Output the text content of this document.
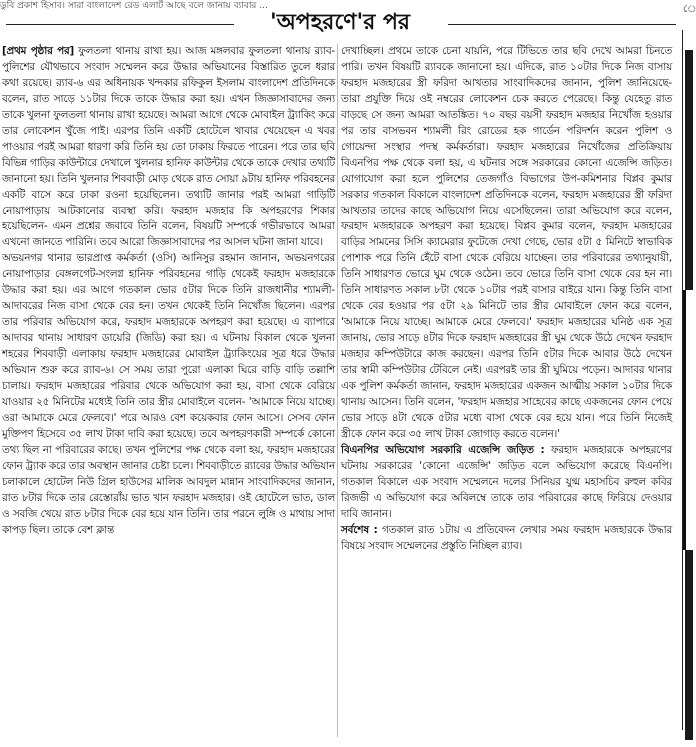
ডুবি প্রকাশ হিসাব। সারা বাংলাদেশ রেড এলার্ট আছে বলে জানায় ব্যাবার ...	ে
'অপহরণে'র পর

[প্রথম পৃষ্ঠার পর] ফুলতলা থানায় রাখা হয়। আজ মঙ্গলবার ফুলতলা থানায় র‌্যাব-পুলিশের যৌথভাবে সংবাদ সম্মেলন করে উদ্ধার অভিযানের বিস্তারিত তুলে ধরার কথা রয়েছে। র‌্যাব-৬ এর অধিনায়ক খন্দকার রফিকুল ইসলাম বাংলাদেশ প্রতিদিনকে বলেন, রাত সাড়ে ১১টার দিকে তাকে উদ্ধার করা হয়। এখন জিজ্ঞাসাবাদের জন্য তাকে খুলনা ফুলতলা থানায় রাখা হয়েছে। আমরা আগে থেকে মোবাইল ট্র্যাকিং করে তার লোকেশন খুঁজে পাই। এরপর তিনি একটি হোটেলে খাবার খেয়েছেন এ খবর পাওয়ার পরই আমরা ধারণা করি তিনি হয় তো ঢাকায় ফিরতে পারেন। পরে তার ছবি বিভিন্ন গাড়ির কাউন্টারে দেখালে খুলনার হানিফ কাউন্টার থেকে তাকে দেখার তথ্যটি জানানো হয়। তিনি খুলনার শিববাড়ী মোড় থেকে রাত সোয়া ৯টায় হানিফ পরিবহনের একটি বাসে করে ঢাকা রওনা হয়েছিলেন। তথ্যটি জানার পরই আমরা গাড়িটি নোয়াপাড়ায় আটকানোর ব্যবস্থা করি। ফরহাদ মজহার কি অপহরণের শিকার হয়েছিলেন- এমন প্রশ্নের জবাবে তিনি বলেন, বিষয়টি সম্পর্কে গভীরভাবে আমরা এখনো জানতে পারিনি। তবে আরো জিজ্ঞাসাবাদের পর আসল ঘটনা জানা যাবে।

অভয়নগর থানার ভারপ্রাপ্ত কর্মকর্তা (ওসি) আনিসুর রহমান জানান, অভয়নগরের নোয়াপাড়ার বেঙ্গলগেট-সংলগ্ন হানিফ পরিবহনের গাড়ি থেকেই ফরহাদ মজহারকে উদ্ধার করা হয়। এর আগে গতকাল ভোর ৫টার দিকে তিনি রাজধানীর শ্যামলী-আদাবরের নিজ বাসা থেকে বের হন। তখন থেকেই তিনি নিখোঁজ ছিলেন। এরপর তার পরিবার অভিযোগ করে, ফরহাদ মজহারকে অপহরণ করা হয়েছে। এ ব্যাপারে আদাবর থানায় সাধারণ ডায়েরি (জিডি) করা হয়। এ ঘটনায় বিকাল থেকে খুলনা শহরের শিববাড়ী এলাকায় ফরহাদ মজহারের মোবাইল ট্র্যাকিংয়ের সূত্র ধরে উদ্ধার অভিযান শুরু করে র‌্যাব-৬। সে সময় তারা পুরো এলাকা ঘিরে বাড়ি বাড়ি তল্লাশি চালায়। ফরহাদ মজহারের পরিবার থেকে অভিযোগ করা হয়, বাসা থেকে বেরিয়ে যাওয়ার ২৫ মিনিটের মধ্যেই তিনি তার স্ত্রীর মোবাইলে বলেন- 'আমাকে নিয়ে যাচ্ছে। ওরা আমাকে মেরে ফেলবে।' পরে আরও বেশ কয়েকবার ফোন আসে। সেসব ফোন মুক্তিপণ হিসেবে ৩৫ লাখ টাকা দাবি করা হয়েছে। তবে অপহরণকারী সম্পর্কে কোনো তথ্য ছিল না পরিবারের কাছে। তখন পুলিশের পক্ষ থেকে বলা হয়, ফরহাদ মজহারের ফোন ট্র্যাক করে তার অবস্থান জানার চেষ্টা চলে। শিববাড়ীতে র‌্যাবের উদ্ধার অভিযান চলাকালে হোটেল নিউ গ্রিল হাউসের মালিক আবদুল মান্নান সাংবাদিকদের জানান, রাত ৮টার দিকে তার রেস্তোরাঁয় ভাত খান ফরহাদ মজহার। ওই হোটেলে ভাত, ডাল ও সবজি খেয়ে রাত ৮টার দিকে বের হয়ে যান তিনি। তার পরনে লুঙ্গি ও মাথায় সাদা কাপড় ছিল। তাকে বেশ ক্লান্ত

দেখাচ্ছিল। প্রথমে তাকে চেনা যায়নি, পরে টিভিতে তার ছবি দেখে আমরা চিনতে পারি। তখন বিষয়টি র‌্যাবকে জানানো হয়। এদিকে, রাত ১০টার দিকে নিজ বাসায় ফরহাদ মজহারের স্ত্রী ফরিদা আখতার সাংবাদিকদের জানান, পুলিশ জানিয়েছে- তারা প্রযুক্তি দিয়ে ওই নম্বরের লোকেশন চেক করতে পেরেছে। কিন্তু যেহেতু রাত বাড়ছে সে জন্য আমরা আতঙ্কিত। ৭০ বছর বয়সী ফরহাদ মজহার নিখোঁজ হওয়ার পর তার বাসভবন শ্যামলী রিং রোডের হক গার্ডেন পরিদর্শন করেন পুলিশ ও গোয়েন্দা সংস্থার পদস্থ কর্মকর্তারা। ফরহাদ মজহারের নিখোঁজের প্রতিক্রিয়ায় বিএনপির পক্ষ থেকে বলা হয়, এ ঘটনার সঙ্গে সরকারের কোনো এজেন্সি জড়িত। যোগাযোগ করা হলে পুলিশের তেজগাঁও বিভাগের উপ-কমিশনার বিপ্লব কুমার সরকার গতকাল বিকালে বাংলাদেশ প্রতিদিনকে বলেন, ফরহাদ মজহারের স্ত্রী ফরিদা আখতার তাদের কাছে অভিযোগ নিয়ে এসেছিলেন। তারা অভিযোগ করে বলেন, ফরহাদ মজহারকে অপহরণ করা হয়েছে। বিপ্লব কুমার বলেন, ফরহাদ মজহারের বাড়ির সামনের সিসি ক্যামেরার ফুটেজে দেখা গেছে, ভোর ৫টা ৫ মিনিটে স্বাভাবিক পোশাক পরে তিনি হেঁটে বাসা থেকে বেরিয়ে যাচ্ছেন। তার পরিবারের তথ্যানুযায়ী, তিনি সাধারণত ভোরে ঘুম থেকে ওঠেন। তবে ভোরে তিনি বাসা থেকে বের হন না। তিনি সাধারণত সকাল ৮টা থেকে ১০টার পরই বাসার বাইরে যান। কিন্তু তিনি বাসা থেকে বের হওয়ার পর ৫টা ২৯ মিনিটে তার স্ত্রীর মোবাইলে ফোন করে বলেন, 'আমাকে নিয়ে যাচ্ছে। আমাকে মেরে ফেলবে।' ফরহাদ মজহারের ঘনিষ্ঠ এক সূত্র জানায়, ভোর সাড়ে ৪টার দিকে ফরহাদ মজহারের স্ত্রী ঘুম থেকে উঠে দেখেন ফরহাদ মজহার কম্পিউটারে কাজ করছেন। এরপর তিনি ৫টার দিকে আবার উঠে দেখেন তার স্বামী কম্পিউটার টেবিলে নেই। এরপরই তার স্ত্রী ঘুমিয়ে পড়েন। আদাবর থানার এক পুলিশ কর্মকর্তা জানান, ফরহাদ মজহারের একজন আত্মীয় সকাল ১০টার দিকে থানায় আসেন। তিনি বলেন, 'ফরহাদ মজহার সাহেবের কাছে একজনের ফোন পেয়ে ভোর সাড়ে ৪টা থেকে ৫টার মধ্যে বাসা থেকে বের হয়ে যান। পরে তিনি নিজেই স্ত্রীকে ফোন করে ৩৫ লাখ টাকা জোগাড় করতে বলেন।'

বিএনপির অভিযোগ সরকারি এজেন্সি জড়িত : ফরহাদ মজহারকে অপহরণের ঘটনায় সরকারের 'কোনো এজেন্সি' জড়িত বলে অভিযোগ করেছে বিএনপি। গতকাল বিকালে এক সংবাদ সম্মেলনে দলের সিনিয়র যুগ্ম মহাসচিব রুহুল কবির রিজভী এ অভিযোগ করে অবিলম্বে তাকে তার পরিবারের কাছে ফিরিয়ে দেওয়ার দাবি জানান।

সর্বশেষ : গতকাল রাত ১টায় এ প্রতিবেদন লেখার সময় ফরহাদ মজহারকে উদ্ধার বিষয়ে সংবাদ সম্মেলনের প্রস্তুতি নিচ্ছিল র‌্যাব।
